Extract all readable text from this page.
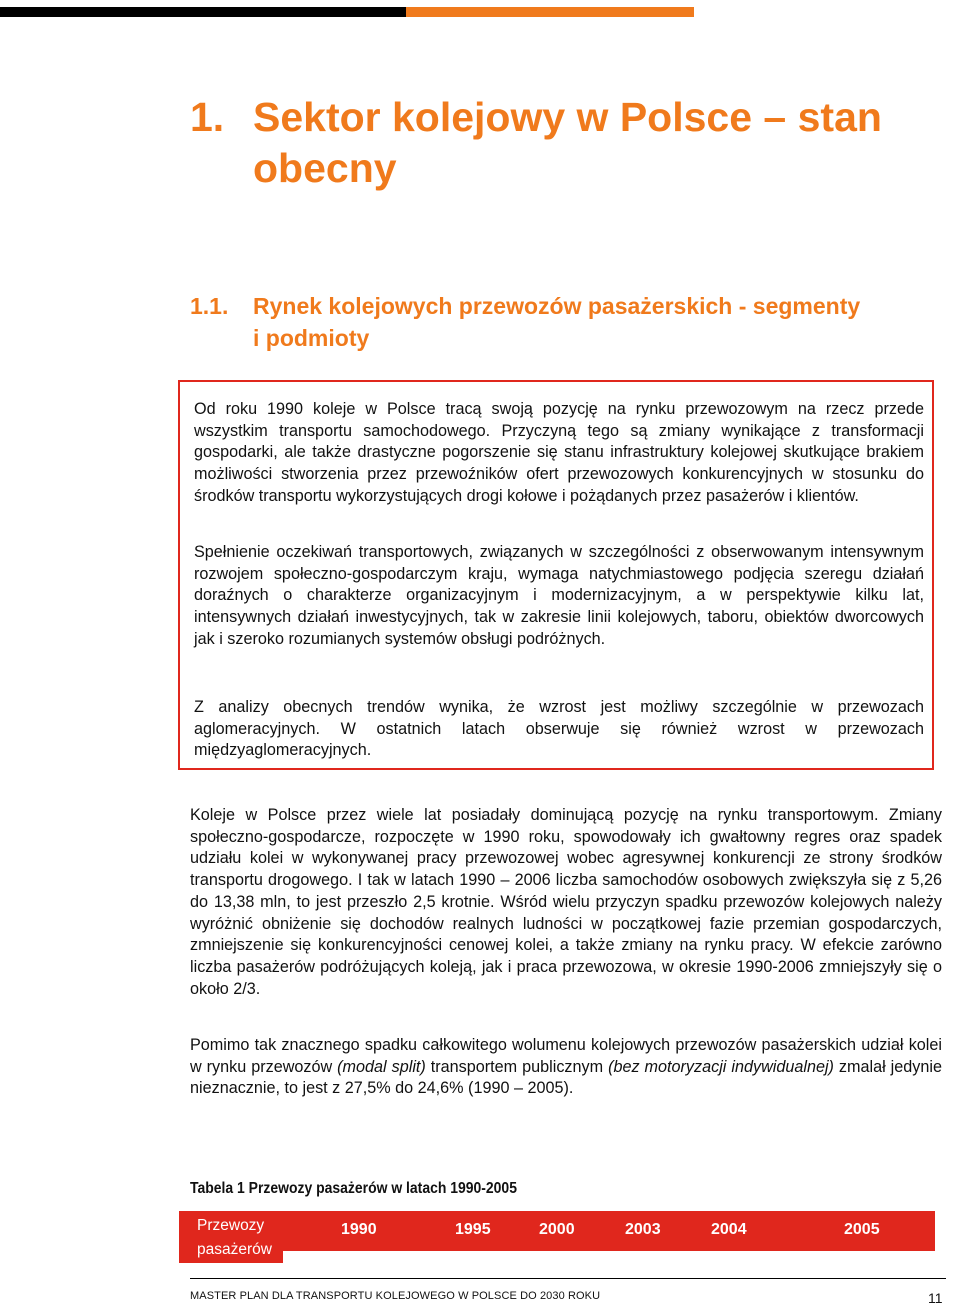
1. Sektor kolejowy w Polsce – stan
obecny
1.1. Rynek kolejowych przewozów pasażerskich - segmenty
i podmioty

Od roku 1990 koleje w Polsce tracą swoją pozycję na rynku przewozowym na rzecz przede wszystkim transportu samochodowego. Przyczyną tego są zmiany wynikające z transformacji gospodarki, ale także drastyczne pogorszenie się stanu infrastruktury kolejowej skutkujące brakiem możliwości stworzenia przez przewoźników ofert przewozowych konkurencyjnych w stosunku do środków transportu wykorzystujących drogi kołowe i pożądanych przez pasażerów i klientów.

Spełnienie oczekiwań transportowych, związanych w szczególności z obserwowanym intensywnym rozwojem społeczno-gospodarczym kraju, wymaga natychmiastowego podjęcia szeregu działań doraźnych o charakterze organizacyjnym i modernizacyjnym, a w perspektywie kilku lat, intensywnych działań inwestycyjnych, tak w zakresie linii kolejowych, taboru, obiektów dworcowych jak i szeroko rozumianych systemów obsługi podróżnych.

Z analizy obecnych trendów wynika, że wzrost jest możliwy szczególnie w przewozach aglomeracyjnych. W ostatnich latach obserwuje się również wzrost w przewozach międzyaglomeracyjnych.

Koleje w Polsce przez wiele lat posiadały dominującą pozycję na rynku transportowym. Zmiany społeczno-gospodarcze, rozpoczęte w 1990 roku, spowodowały ich gwałtowny regres oraz spadek udziału kolei w wykonywanej pracy przewozowej wobec agresywnej konkurencji ze strony środków transportu drogowego. I tak w latach 1990 – 2006 liczba samochodów osobowych zwiększyła się z 5,26 do 13,38 mln, to jest przeszło 2,5 krotnie. Wśród wielu przyczyn spadku przewozów kolejowych należy wyróżnić obniżenie się dochodów realnych ludności w początkowej fazie przemian gospodarczych, zmniejszenie się konkurencyjności cenowej kolei, a także zmiany na rynku pracy. W efekcie zarówno liczba pasażerów podróżujących koleją, jak i praca przewozowa, w okresie 1990-2006 zmniejszyły się o około 2/3.

Pomimo tak znacznego spadku całkowitego wolumenu kolejowych przewozów pasażerskich udział kolei w rynku przewozów (modal split) transportem publicznym (bez motoryzacji indywidualnej) zmalał jedynie nieznacznie, to jest z 27,5% do 24,6% (1990 – 2005).

Tabela 1 Przewozy pasażerów w latach 1990-2005
Przewozy
pasażerów
1990	1995	2000	2003	2004	2005
MASTER PLAN DLA TRANSPORTU KOLEJOWEGO W POLSCE DO 2030 ROKU	11
